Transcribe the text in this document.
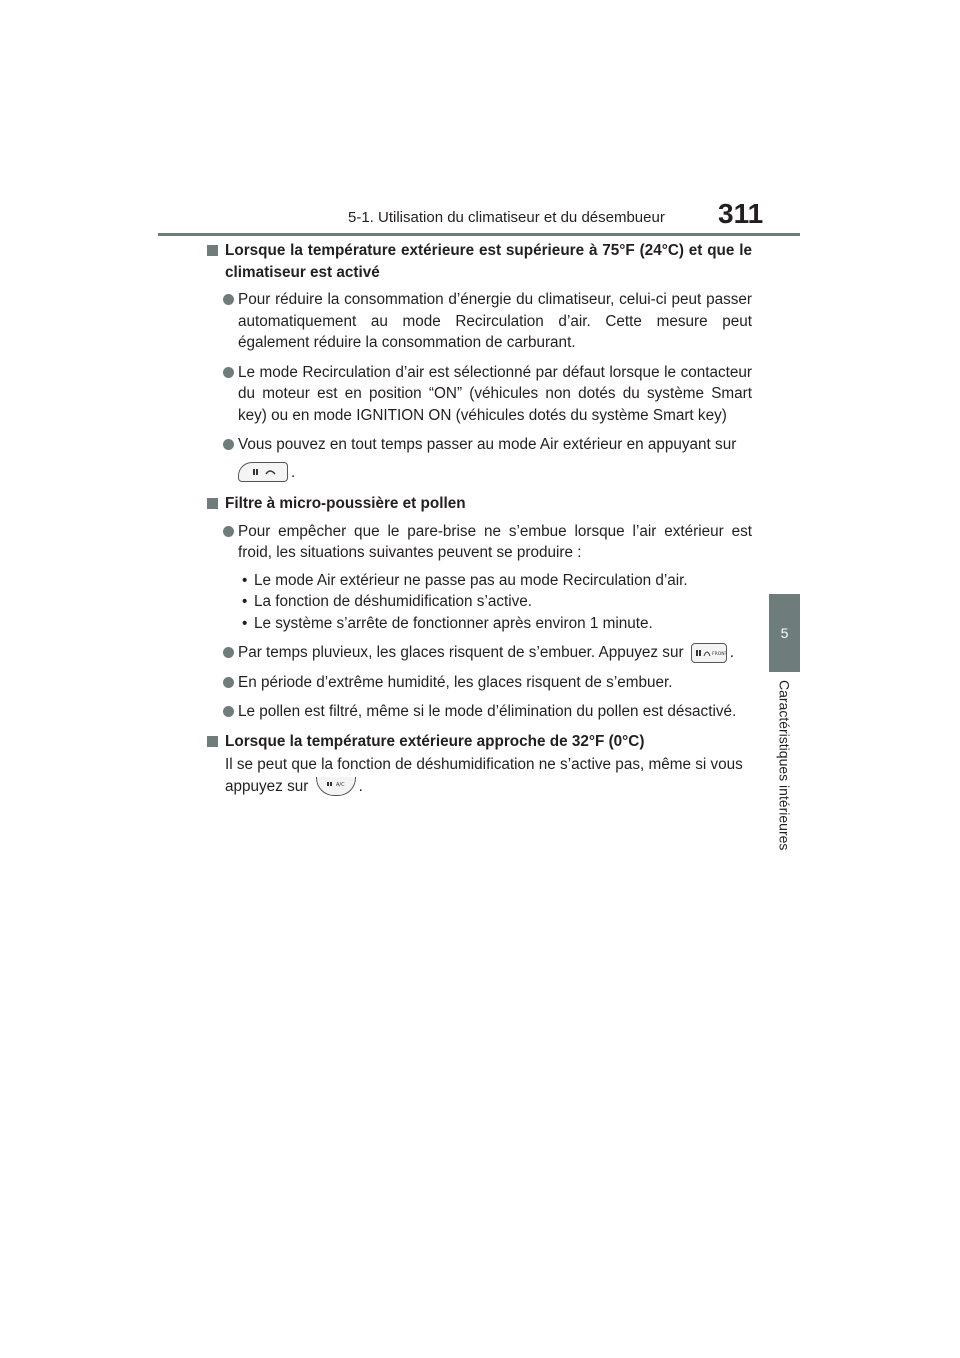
5-1. Utilisation du climatiseur et du désembueur 311
5
Caractéristiques intérieures
Lorsque la température extérieure est supérieure à 75°F (24°C) et que le climatiseur est activé
Pour réduire la consommation d’énergie du climatiseur, celui-ci peut passer automatiquement au mode Recirculation d’air. Cette mesure peut également réduire la consommation de carburant.
Le mode Recirculation d’air est sélectionné par défaut lorsque le contacteur du moteur est en position “ON” (véhicules non dotés du système Smart key) ou en mode IGNITION ON (véhicules dotés du système Smart key)
Vous pouvez en tout temps passer au mode Air extérieur en appuyant sur
.
Filtre à micro-poussière et pollen
Pour empêcher que le pare-brise ne s’embue lorsque l’air extérieur est froid, les situations suivantes peuvent se produire :
• Le mode Air extérieur ne passe pas au mode Recirculation d’air.
• La fonction de déshumidification s’active.
• Le système s’arrête de fonctionner après environ 1 minute.
Par temps pluvieux, les glaces risquent de s’embuer. Appuyez sur	FRONT .
En période d’extrême humidité, les glaces risquent de s’embuer.
Le pollen est filtré, même si le mode d’élimination du pollen est désactivé.
Lorsque la température extérieure approche de 32°F (0°C)
Il se peut que la fonction de déshumidification ne s’active pas, même si vous appuyez sur	A/C .
